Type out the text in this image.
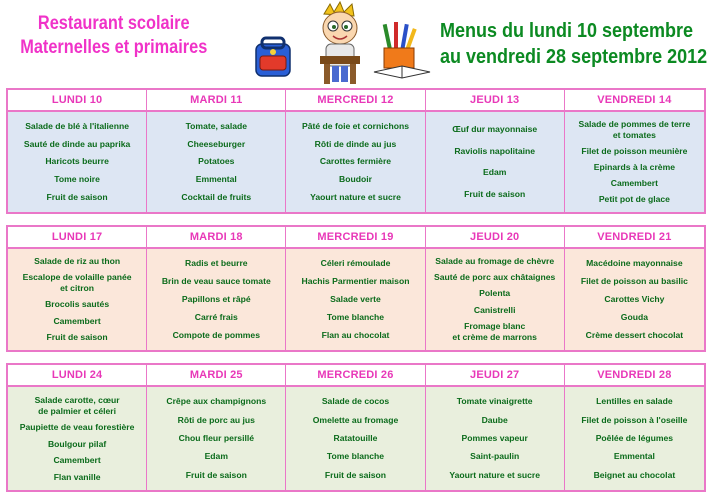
Restaurant scolaire
Maternelles et primaires
Menus du lundi 10 septembre
au vendredi 28 septembre 2012
LUNDI 10
Salade de blé à l'italienne
Sauté de dinde au paprika
Haricots beurre
Tome noire
Fruit de saison
MARDI 11
Tomate, salade
Cheeseburger
Potatoes
Emmental
Cocktail de fruits
MERCREDI 12
Pâté de foie et cornichons
Rôti de dinde au jus
Carottes fermière
Boudoir
Yaourt nature et sucre
JEUDI 13
Œuf dur mayonnaise
Raviolis napolitaine
Edam
Fruit de saison
VENDREDI 14
Salade de pommes de terre
et tomates
Filet de poisson meunière
Epinards à la crème
Camembert
Petit pot de glace
LUNDI 17
Salade de riz au thon
Escalope de volaille panée
et citron
Brocolis sautés
Camembert
Fruit de saison
MARDI 18
Radis et beurre
Brin de veau sauce tomate
Papillons et râpé
Carré frais
Compote de pommes
MERCREDI 19
Céleri rémoulade
Hachis Parmentier maison
Salade verte
Tome blanche
Flan au chocolat
JEUDI 20
Salade au fromage de chèvre
Sauté de porc aux châtaignes
Polenta
Canistrelli
Fromage blanc
et crème de marrons
VENDREDI 21
Macédoine mayonnaise
Filet de poisson au basilic
Carottes Vichy
Gouda
Crème dessert chocolat
LUNDI 24
Salade carotte, cœur
de palmier et céleri
Paupiette de veau forestière
Boulgour pilaf
Camembert
Flan vanille
MARDI 25
Crêpe aux champignons
Rôti de porc au jus
Chou fleur persillé
Edam
Fruit de saison
MERCREDI 26
Salade de cocos
Omelette au fromage
Ratatouille
Tome blanche
Fruit de saison
JEUDI 27
Tomate vinaigrette
Daube
Pommes vapeur
Saint-paulin
Yaourt nature et sucre
VENDREDI 28
Lentilles en salade
Filet de poisson à l'oseille
Poêlée de légumes
Emmental
Beignet au chocolat
